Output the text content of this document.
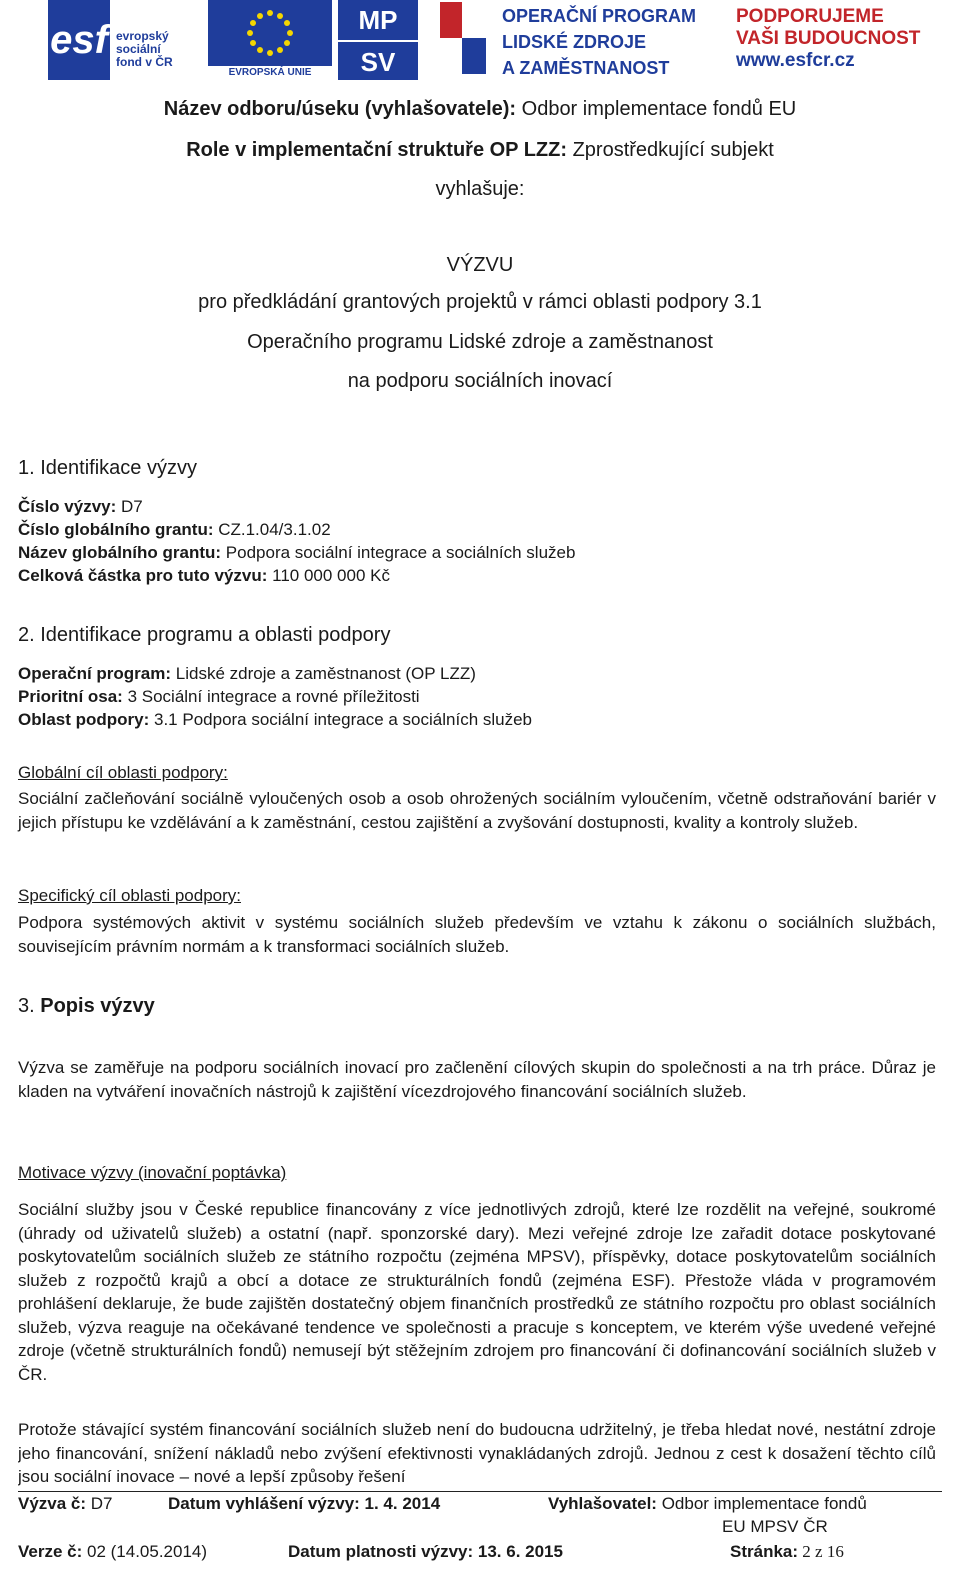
esf evropský
sociální
fond v ČR
EVROPSKÁ UNIE
MP
SV
OPERAČNÍ PROGRAM
LIDSKÉ ZDROJE
A ZAMĚSTNANOST
PODPORUJEME
VAŠI BUDOUCNOST
www.esfcr.cz
Název odboru/úseku (vyhlašovatele): Odbor implementace fondů EU
Role v implementační struktuře OP LZZ: Zprostředkující subjekt
vyhlašuje:
VÝZVU
pro předkládání grantových projektů v rámci oblasti podpory 3.1
Operačního programu Lidské zdroje a zaměstnanost
na podporu sociálních inovací
1. Identifikace výzvy
Číslo výzvy: D7
Číslo globálního grantu: CZ.1.04/3.1.02
Název globálního grantu: Podpora sociální integrace a sociálních služeb
Celková částka pro tuto výzvu: 110 000 000 Kč
2. Identifikace programu a oblasti podpory
Operační program: Lidské zdroje a zaměstnanost (OP LZZ)
Prioritní osa: 3 Sociální integrace a rovné příležitosti
Oblast podpory: 3.1 Podpora sociální integrace a sociálních služeb
Globální cíl oblasti podpory:
Sociální začleňování sociálně vyloučených osob a osob ohrožených sociálním vyloučením, včetně odstraňování bariér v jejich přístupu ke vzdělávání a k zaměstnání, cestou zajištění a zvyšování dostupnosti, kvality a kontroly služeb.
Specifický cíl oblasti podpory:
Podpora systémových aktivit v systému sociálních služeb především ve vztahu k zákonu o sociálních službách, souvisejícím právním normám a k transformaci sociálních služeb.
3. Popis výzvy
Výzva se zaměřuje na podporu sociálních inovací pro začlenění cílových skupin do společnosti a na trh práce. Důraz je kladen na vytváření inovačních nástrojů k zajištění vícezdrojového financování sociálních služeb.
Motivace výzvy (inovační poptávka)
Sociální služby jsou v České republice financovány z více jednotlivých zdrojů, které lze rozdělit na veřejné, soukromé (úhrady od uživatelů služeb) a ostatní (např. sponzorské dary). Mezi veřejné zdroje lze zařadit dotace poskytované poskytovatelům sociálních služeb ze státního rozpočtu (zejména MPSV), příspěvky, dotace poskytovatelům sociálních služeb z rozpočtů krajů a obcí a dotace ze strukturálních fondů (zejména ESF). Přestože vláda v programovém prohlášení deklaruje, že bude zajištěn dostatečný objem finančních prostředků ze státního rozpočtu pro oblast sociálních služeb, výzva reaguje na očekávané tendence ve společnosti a pracuje s konceptem, ve kterém výše uvedené veřejné zdroje (včetně strukturálních fondů) nemusejí být stěžejním zdrojem pro financování či dofinancování sociálních služeb v ČR.
Protože stávající systém financování sociálních služeb není do budoucna udržitelný, je třeba hledat nové, nestátní zdroje jeho financování, snížení nákladů nebo zvýšení efektivnosti vynakládaných zdrojů. Jednou z cest k dosažení těchto cílů jsou sociální inovace – nové a lepší způsoby řešení
Výzva č: D7	Datum vyhlášení výzvy: 1. 4. 2014	Vyhlašovatel: Odbor implementace fondů
EU MPSV ČR
Verze č: 02 (14.05.2014)	Datum platnosti výzvy: 13. 6. 2015	Stránka: 2 z 16
